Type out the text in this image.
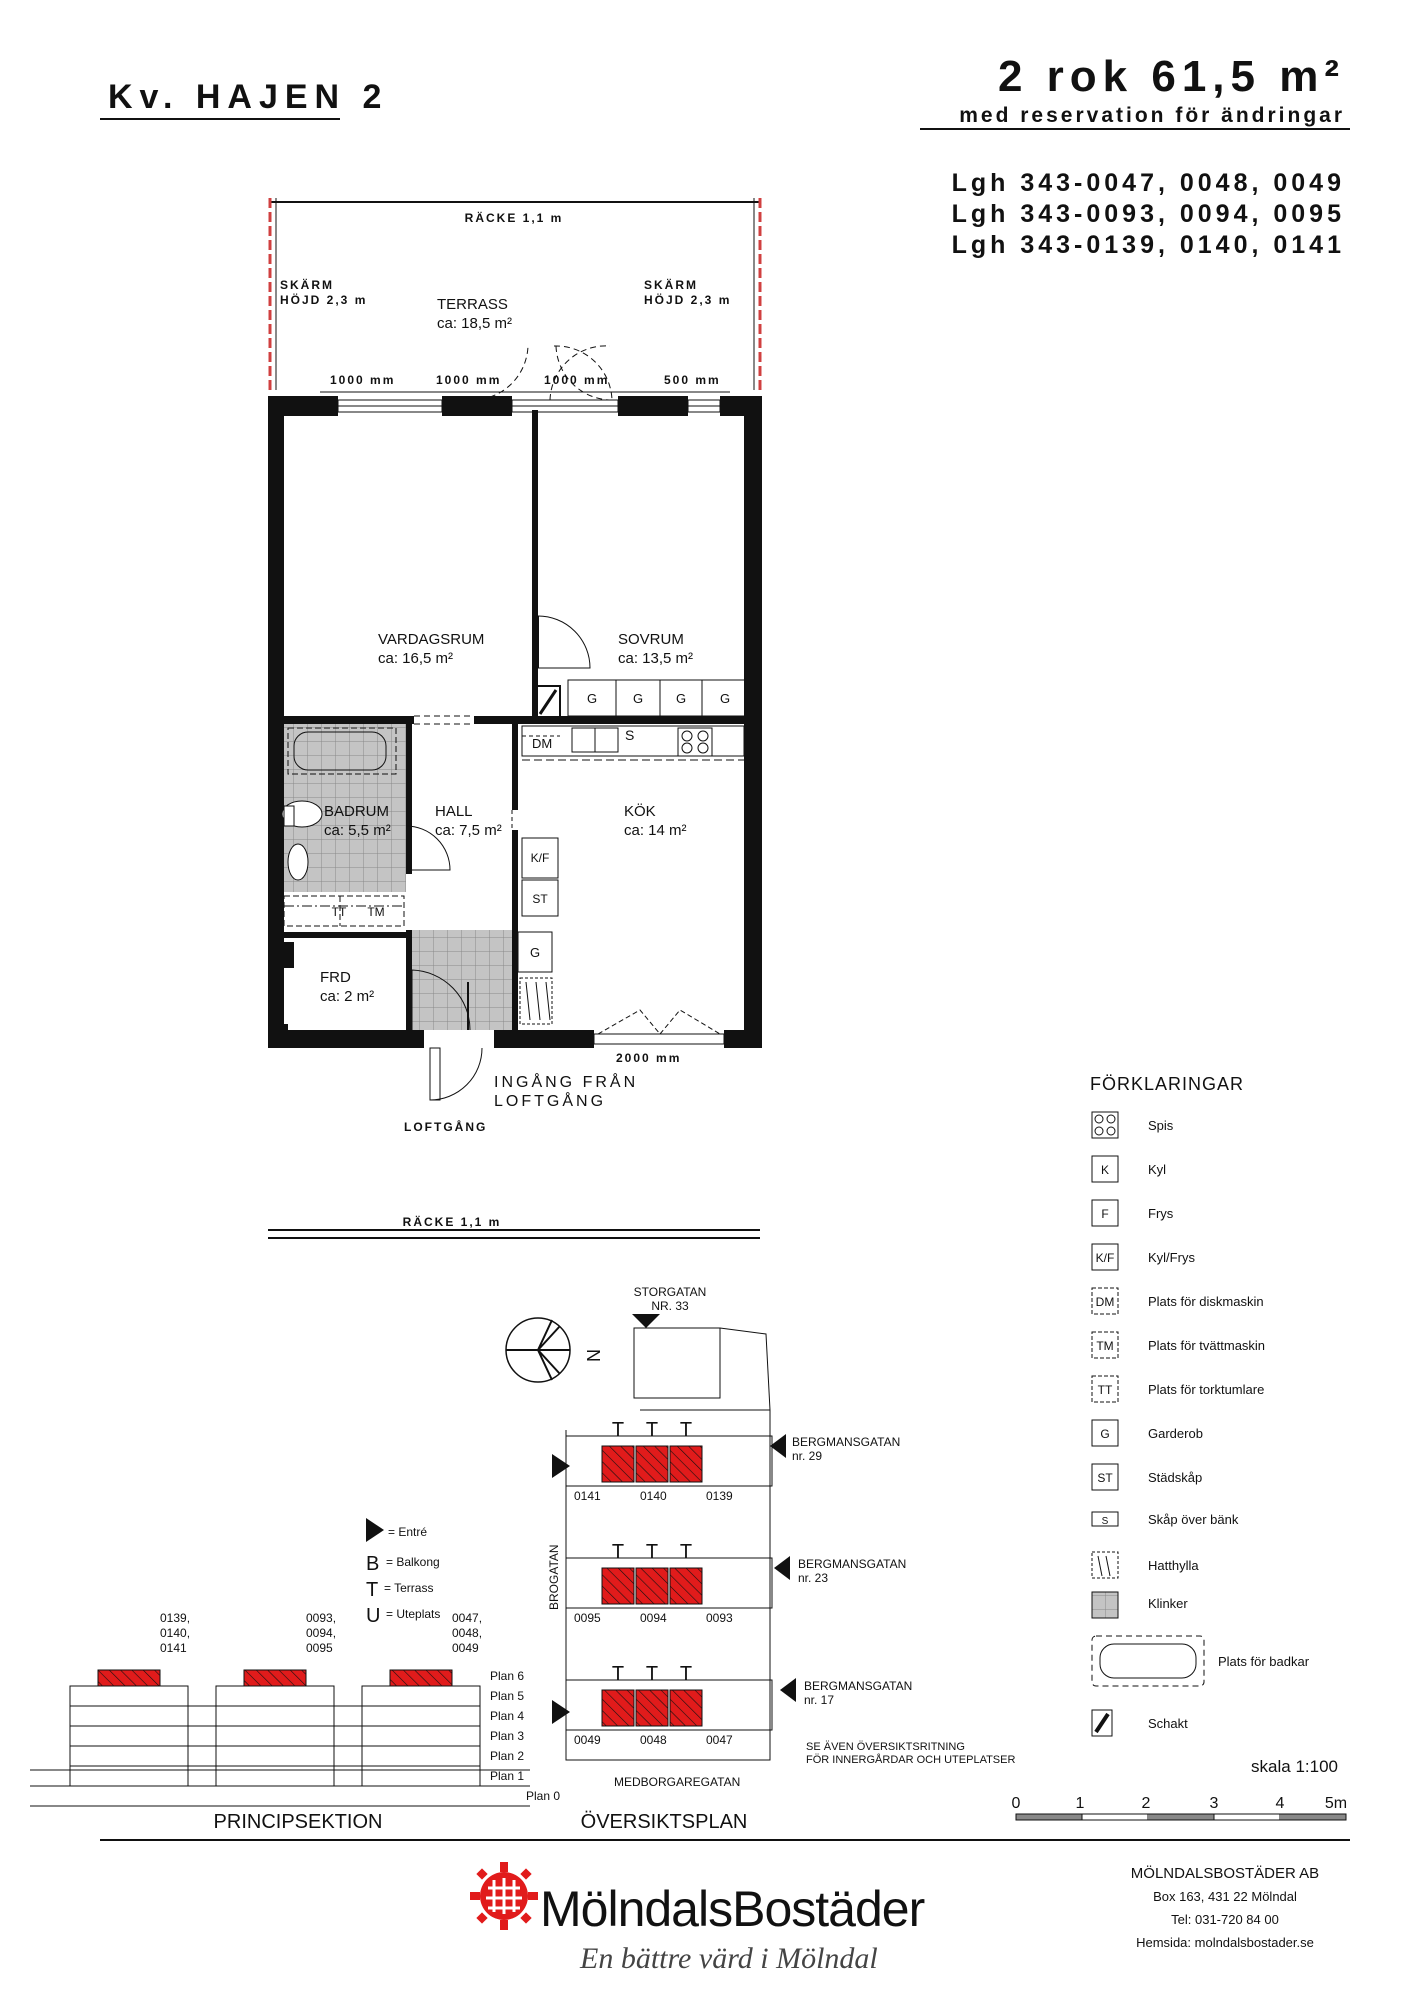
Kv. HAJEN 2	2 rok 61,5 m²
med reservation för ändringar
Lgh 343-0047, 0048, 0049
Lgh 343-0093, 0094, 0095
Lgh 343-0139, 0140, 0141
G	G	G	G
DM
S
K/F
ST
G
TT TM
RÄCKE 1,1 m
SKÄRM
HÖJD 2,3 m
SKÄRM
HÖJD 2,3 m
1000 mm	1000 mm	1000 mm	500 mm
2000 mm
RÄCKE 1,1 m
LOFTGÅNG
INGÅNG FRÅN
LOFTGÅNG
TERRASS
ca: 18,5 m²
VARDAGSRUM
ca: 16,5 m²
SOVRUM
ca: 13,5 m²
BADRUM
ca: 5,5 m²
HALL
ca: 7,5 m²
KÖK
ca: 14 m²
FRD
ca: 2 m²
FÖRKLARINGAR
K
F
K/F
DM
TM
TT
G
ST
S
Spis
Kyl
Frys
Kyl/Frys
Plats för diskmaskin
Plats för tvättmaskin
Plats för torktumlare
Garderob
Städskåp
Skåp över bänk
Hatthylla
Klinker
Plats för badkar
Schakt
skala 1:100
0	1	2	3	4	5m
0139,
0140,
0141
0093,
0094,
0095
0047,
0048,
0049
Plan 6
Plan 5
Plan 4
Plan 3
Plan 2
Plan 1
Plan 0
PRINCIPSEKTION
B
T
U
= Entré
= Balkong
= Terrass
= Uteplats
N
STORGATAN
NR. 33
T T T
T T T
T T T
0141	0140	0139
0095	0094	0093
0049	0048	0047
BERGMANSGATAN
nr. 29
BERGMANSGATAN
nr. 23
BERGMANSGATAN
nr. 17
BROGATAN
MEDBORGAREGATAN
SE ÄVEN ÖVERSIKTSRITNING
FÖR INNERGÅRDAR OCH UTEPLATSER
ÖVERSIKTSPLAN
MölndalsBostäder
En bättre värd i Mölndal
MÖLNDALSBOSTÄDER AB
Box 163, 431 22 Mölndal
Tel: 031-720 84 00
Hemsida: molndalsbostader.se
